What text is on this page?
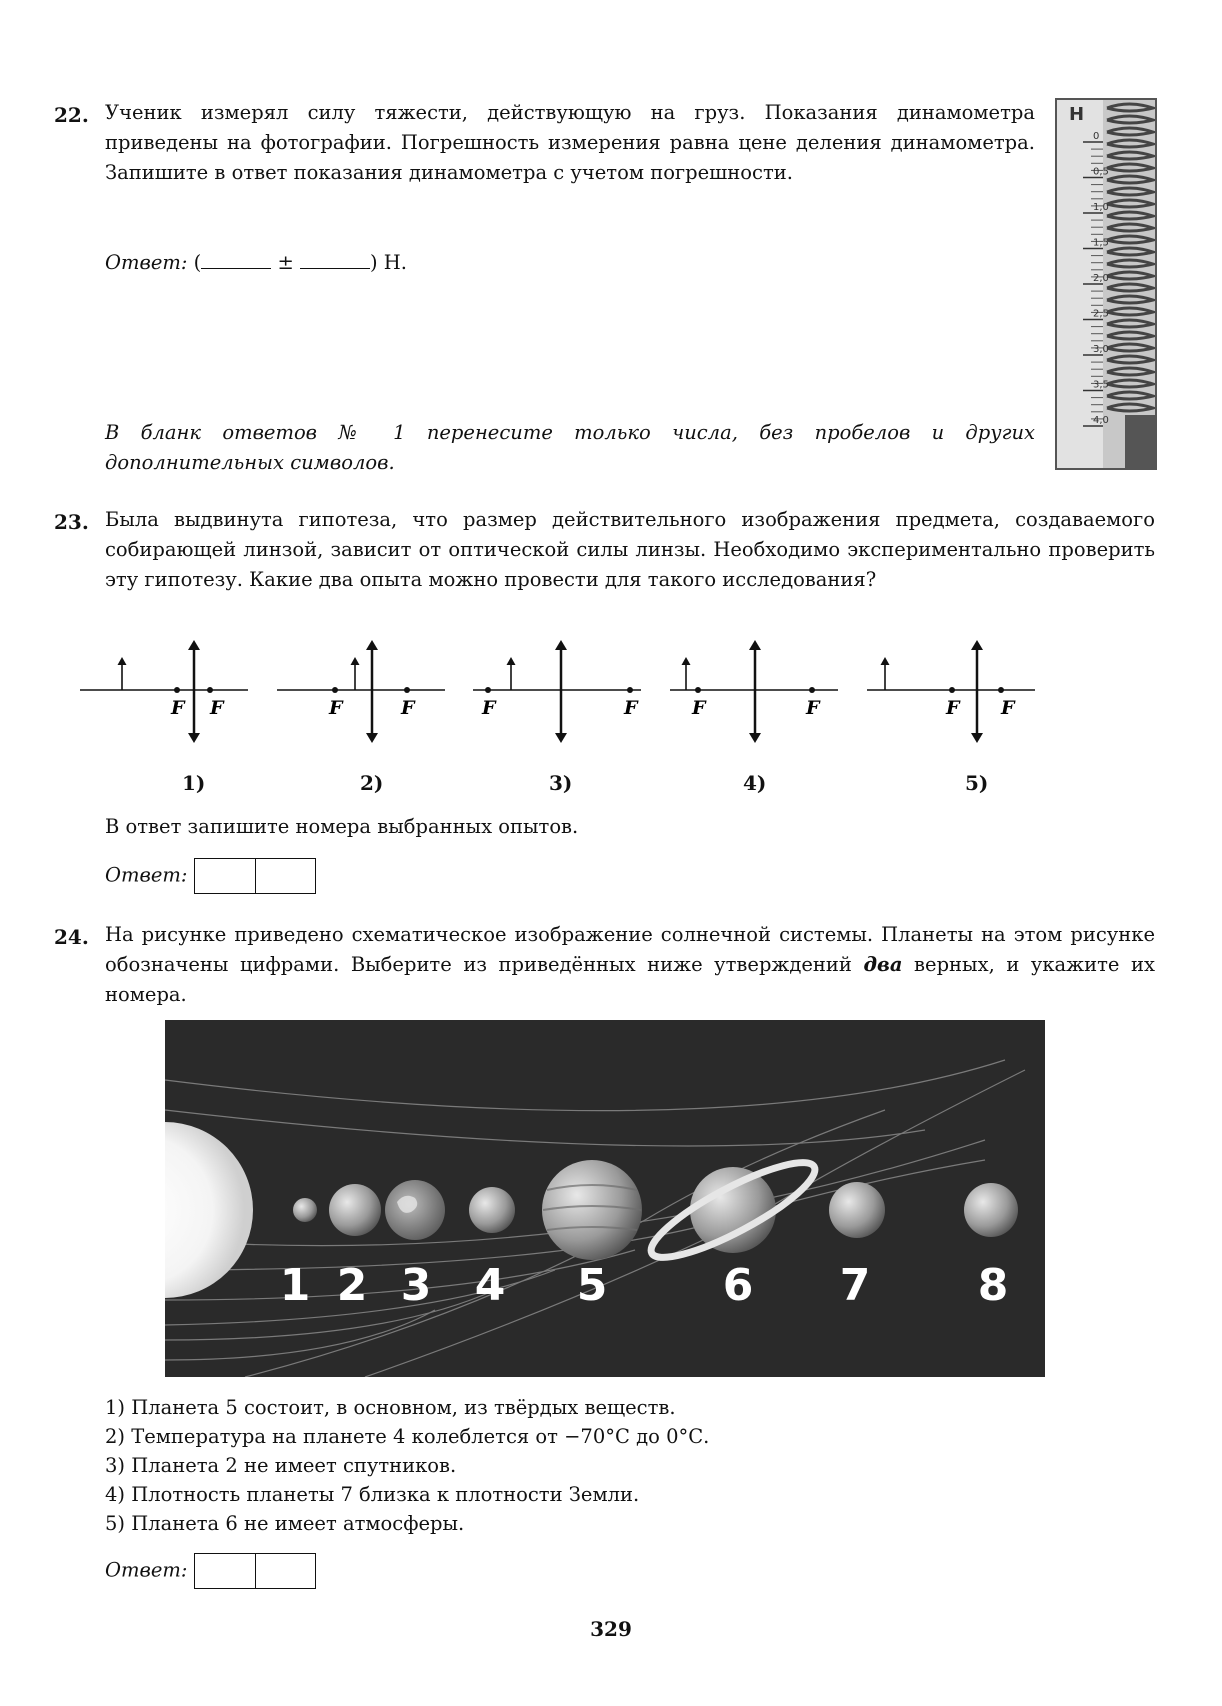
22. Ученик измерял силу тяжести, действующую на груз. Показания динамометра приведены на фотографии. Погрешность измерения равна цене деления динамометра. Запишите в ответ показания динамометра с учетом погрешности.
Ответ: (	±	) Н.
В бланк ответов № 1 перенесите только числа, без пробелов и других дополнительных символов.
0
0,5
1,0
1,5
2,0
2,5
3,0
3,5
4,0
Н
23. Была выдвинута гипотеза, что размер действительного изображения предмета, создаваемого собирающей линзой, зависит от оптической силы линзы. Необходимо экспериментально проверить эту гипотезу. Какие два опыта можно провести для такого исследования?
F F
1)
F	F
2)
F	F
3)
F	F
4)
F F
5)
В ответ запишите номера выбранных опытов.
Ответ:
24. На рисунке приведено схематическое изображение солнечной системы. Планеты на этом рисунке обозначены цифрами. Выберите из приведённых ниже утверждений два верных, и укажите их номера.
1 2 3 4 5	6 7 8
1) Планета 5 состоит, в основном, из твёрдых веществ.
2) Температура на планете 4 колеблется от −70°С до 0°С.
3) Планета 2 не имеет спутников.
4) Плотность планеты 7 близка к плотности Земли.
5) Планета 6 не имеет атмосферы.
Ответ:
329
